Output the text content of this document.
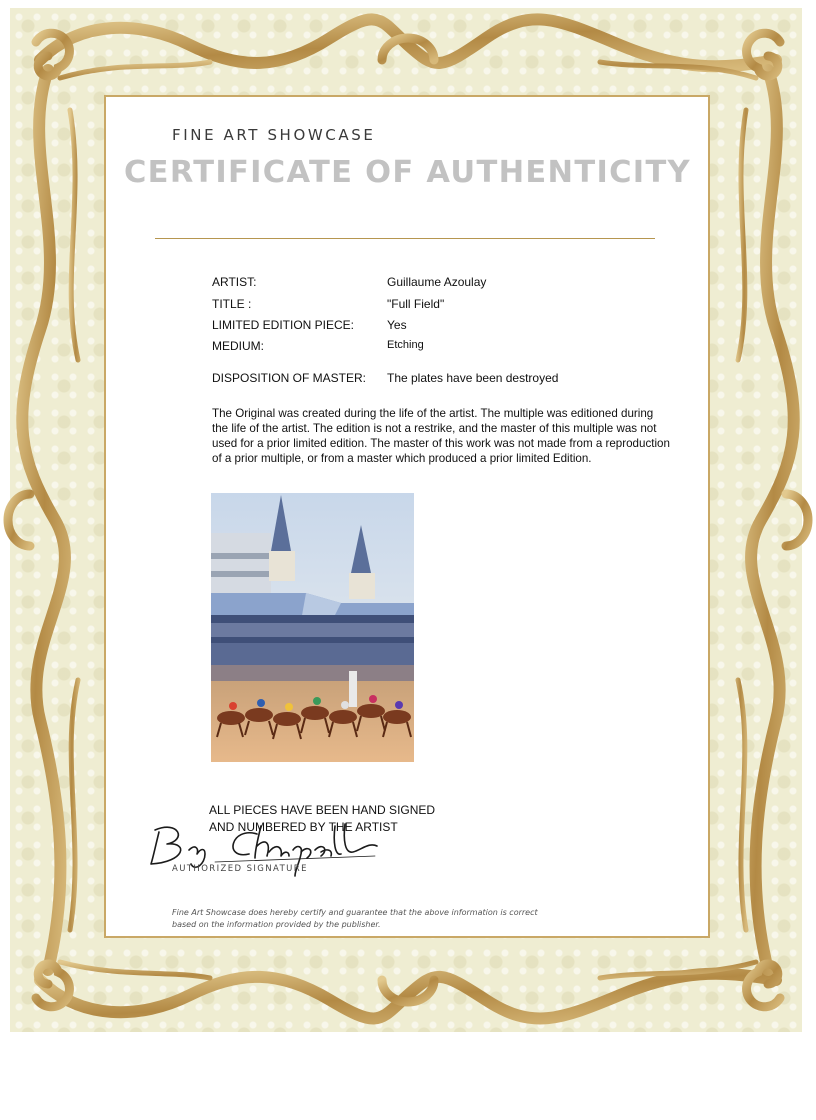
FINE ART SHOWCASE
CERTIFICATE OF AUTHENTICITY
ARTIST:	Guillaume Azoulay
TITLE :	"Full Field"
LIMITED EDITION PIECE:	Yes
MEDIUM:	Etching
DISPOSITION OF MASTER: The plates have been destroyed
The Original was created during the life of the artist. The multiple was editioned during the life of the artist. The edition is not a restrike, and the master of this multiple was not used for a prior limited edition. The master of this work was not made from a reproduction of a prior multiple, or from a master which produced a prior limited Edition.
ALL PIECES HAVE BEEN HAND SIGNED
AND NUMBERED BY THE ARTIST
AUTHORIZED SIGNATURE
Fine Art Showcase does hereby certify and guarantee that the above information is correct
based on the information provided by the publisher.
